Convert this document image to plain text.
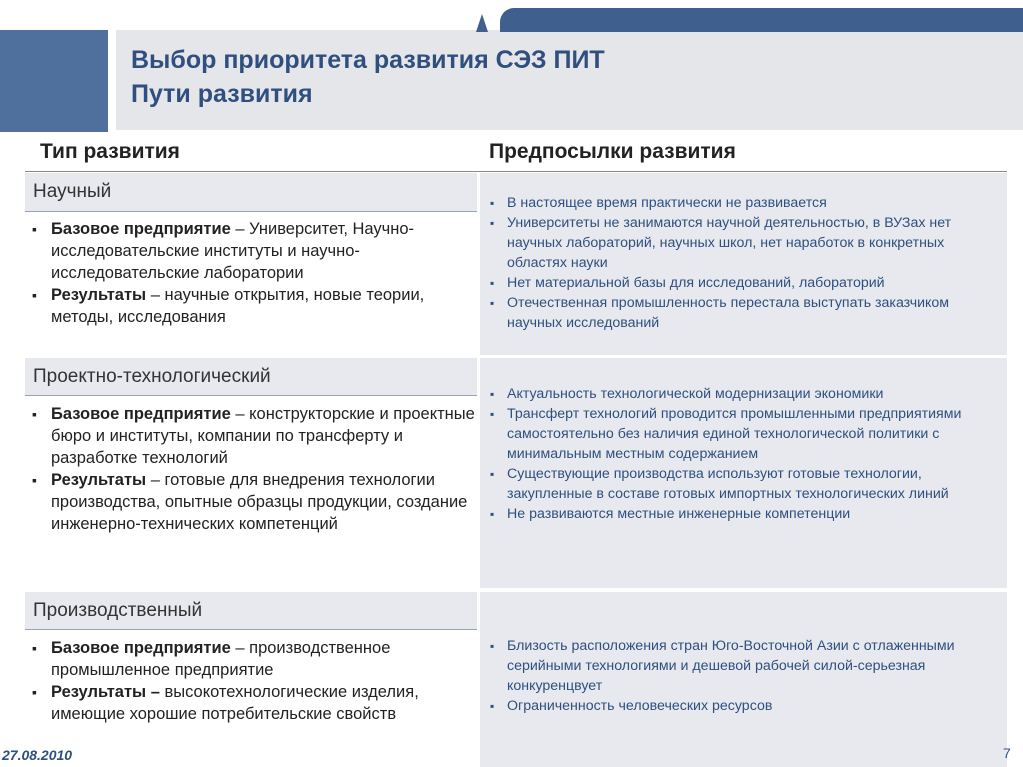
Выбор приоритета развития СЭЗ ПИТ
Пути развития
Тип развития	Предпосылки развития
Научный
▪ Базовое предприятие – Университет, Научно-исследовательские институты и научно-исследовательские лаборатории
▪ Результаты – научные открытия, новые теории, методы, исследования
▪ В настоящее время практически не развивается
▪ Университеты не занимаются научной деятельностью, в ВУЗах нет научных лабораторий, научных школ, нет наработок в конкретных областях науки
▪ Нет материальной базы для исследований, лабораторий
▪ Отечественная промышленность перестала выступать заказчиком научных исследований
Проектно-технологический
▪ Базовое предприятие – конструкторские и проектные бюро и институты, компании по трансферту и разработке технологий
▪ Результаты – готовые для внедрения технологии производства, опытные образцы продукции, создание инженерно-технических компетенций
▪ Актуальность технологической модернизации экономики
▪ Трансферт технологий проводится промышленными предприятиями самостоятельно без наличия единой технологической политики с минимальным местным содержанием
▪ Существующие производства используют готовые технологии, закупленные в составе готовых импортных технологических линий
▪ Не развиваются местные инженерные компетенции
Производственный
▪ Базовое предприятие – производственное промышленное предприятие
▪ Результаты – высокотехнологические изделия, имеющие хорошие потребительские свойств
▪ Близость расположения стран Юго-Восточной Азии с отлаженными серийными технологиями и дешевой рабочей силой-серьезная конкуренцвует
▪ Ограниченность человеческих ресурсов
27.08.2010	7
